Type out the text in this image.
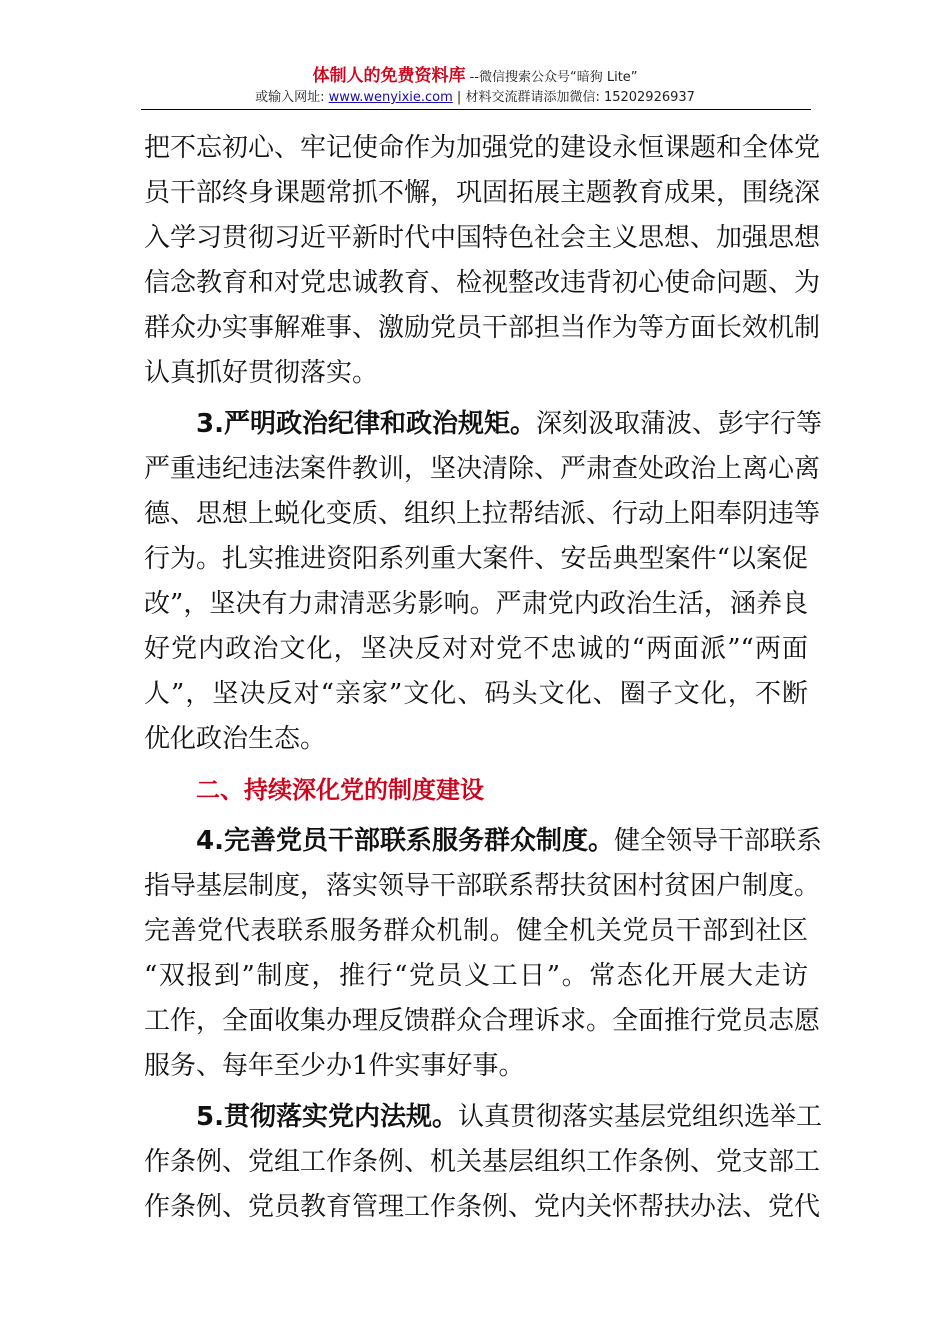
体制人的免费资料库 --微信搜索公众号“暗狗 Lite”
或输入网址: www.wenyixie.com | 材料交流群请添加微信: 15202926937
把不忘初心、牢记使命作为加强党的建设永恒课题和全体党
员干部终身课题常抓不懈，巩固拓展主题教育成果，围绕深
入学习贯彻习近平新时代中国特色社会主义思想、加强思想
信念教育和对党忠诚教育、检视整改违背初心使命问题、为
群众办实事解难事、激励党员干部担当作为等方面长效机制
认真抓好贯彻落实。
3.严明政治纪律和政治规矩。深刻汲取蒲波、彭宇行等
严重违纪违法案件教训，坚决清除、严肃查处政治上离心离
德、思想上蜕化变质、组织上拉帮结派、行动上阳奉阴违等
行为。扎实推进资阳系列重大案件、安岳典型案件“以案促
改”，坚决有力肃清恶劣影响。严肃党内政治生活，涵养良
好党内政治文化，坚决反对对党不忠诚的“两面派”“两面
人”，坚决反对“亲家”文化、码头文化、圈子文化，不断
优化政治生态。
二、持续深化党的制度建设
4.完善党员干部联系服务群众制度。健全领导干部联系
指导基层制度，落实领导干部联系帮扶贫困村贫困户制度。
完善党代表联系服务群众机制。健全机关党员干部到社区
“双报到”制度，推行“党员义工日”。常态化开展大走访
工作，全面收集办理反馈群众合理诉求。全面推行党员志愿
服务、每年至少办1件实事好事。
5.贯彻落实党内法规。认真贯彻落实基层党组织选举工
作条例、党组工作条例、机关基层组织工作条例、党支部工
作条例、党员教育管理工作条例、党内关怀帮扶办法、党代
